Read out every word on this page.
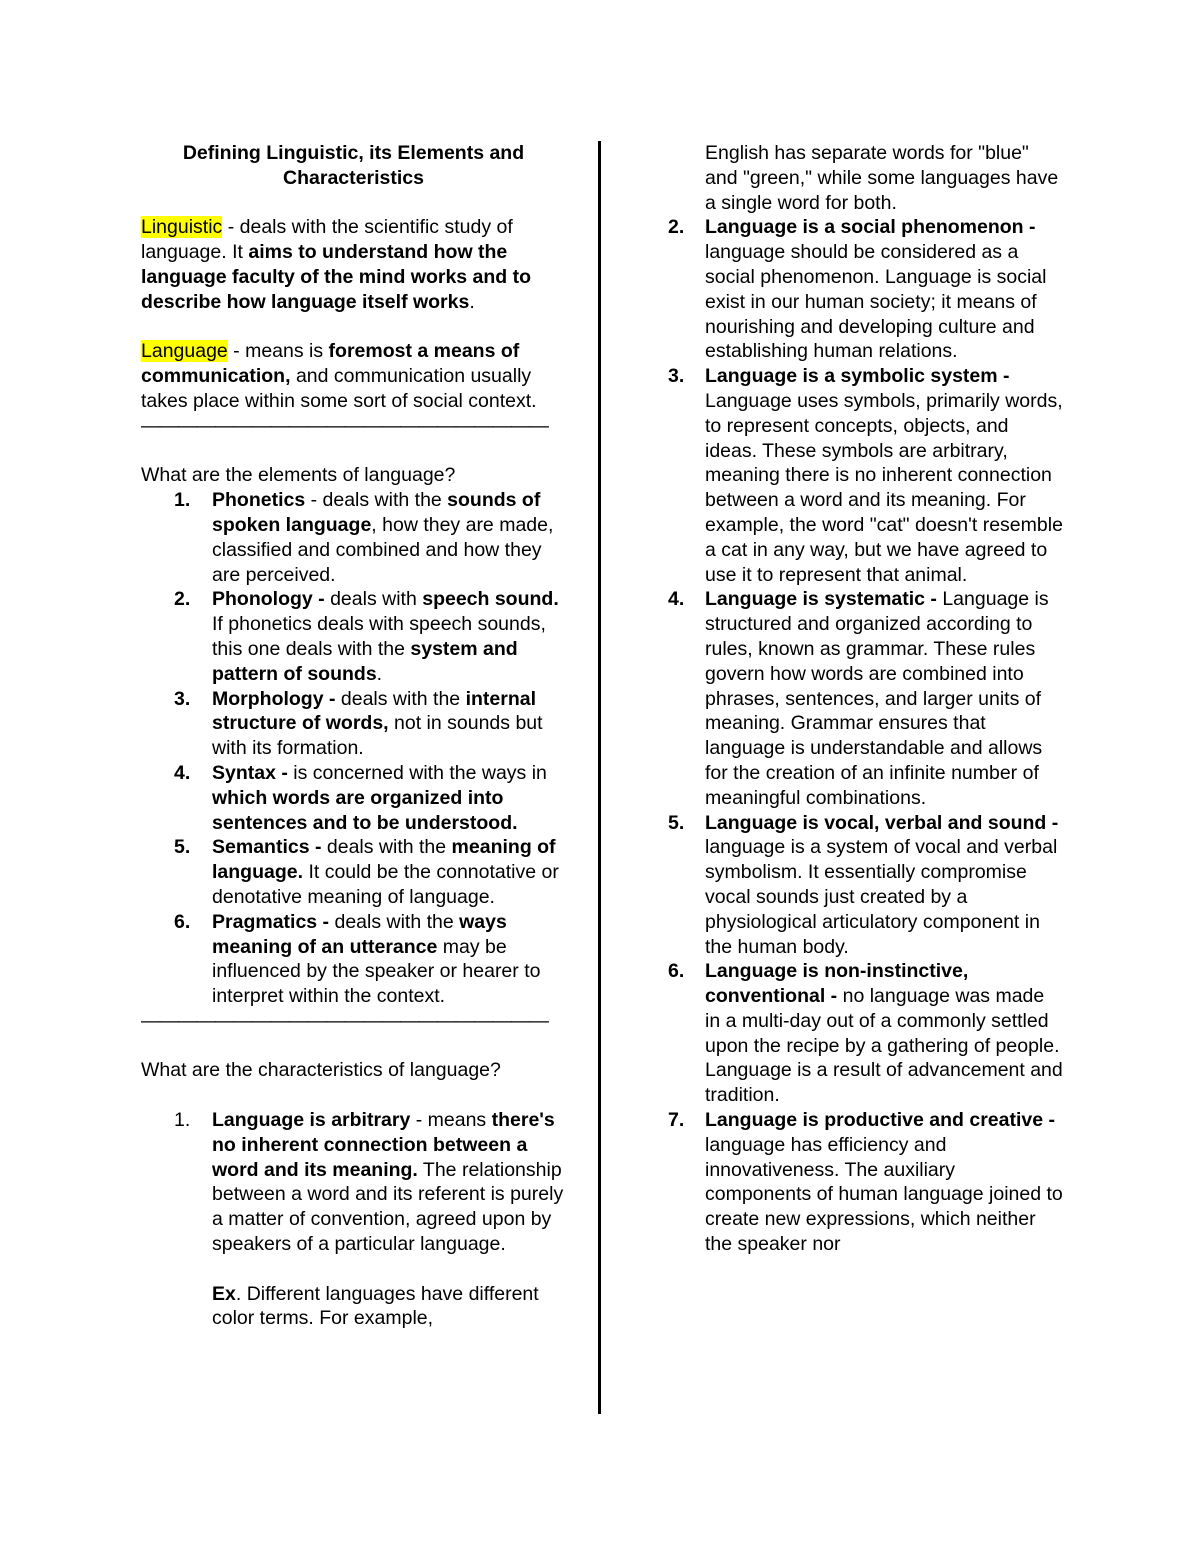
Defining Linguistic, its Elements and
Characteristics

Linguistic - deals with the scientific study of language. It aims to understand how the language faculty of the mind works and to describe how language itself works.

Language - means is foremost a means of communication, and communication usually takes place within some sort of social context.

——————————————————————

What are the elements of language?

1. Phonetics - deals with the sounds of spoken language, how they are made, classified and combined and how they are perceived.
2. Phonology - deals with speech sound. If phonetics deals with speech sounds, this one deals with the system and pattern of sounds.
3. Morphology - deals with the internal structure of words, not in sounds but with its formation.
4. Syntax - is concerned with the ways in which words are organized into sentences and to be understood.
5. Semantics - deals with the meaning of language. It could be the connotative or denotative meaning of language.
6. Pragmatics - deals with the ways meaning of an utterance may be influenced by the speaker or hearer to interpret within the context.

——————————————————————

What are the characteristics of language?

1. Language is arbitrary - means there's no inherent connection between a word and its meaning. The relationship between a word and its referent is purely a matter of convention, agreed upon by speakers of a particular language.
Ex. Different languages have different color terms. For example,
English has separate words for "blue" and "green," while some languages have a single word for both.
2. Language is a social phenomenon - language should be considered as a social phenomenon. Language is social exist in our human society; it means of nourishing and developing culture and establishing human relations.
3. Language is a symbolic system - Language uses symbols, primarily words, to represent concepts, objects, and ideas. These symbols are arbitrary, meaning there is no inherent connection between a word and its meaning. For example, the word "cat" doesn't resemble a cat in any way, but we have agreed to use it to represent that animal.
4. Language is systematic - Language is structured and organized according to rules, known as grammar. These rules govern how words are combined into phrases, sentences, and larger units of meaning. Grammar ensures that language is understandable and allows for the creation of an infinite number of meaningful combinations.
5. Language is vocal, verbal and sound - language is a system of vocal and verbal symbolism. It essentially compromise vocal sounds just created by a physiological articulatory component in the human body.
6. Language is non-instinctive, conventional - no language was made in a multi-day out of a commonly settled upon the recipe by a gathering of people. Language is a result of advancement and tradition.
7. Language is productive and creative - language has efficiency and innovativeness. The auxiliary components of human language joined to create new expressions, which neither the speaker nor
